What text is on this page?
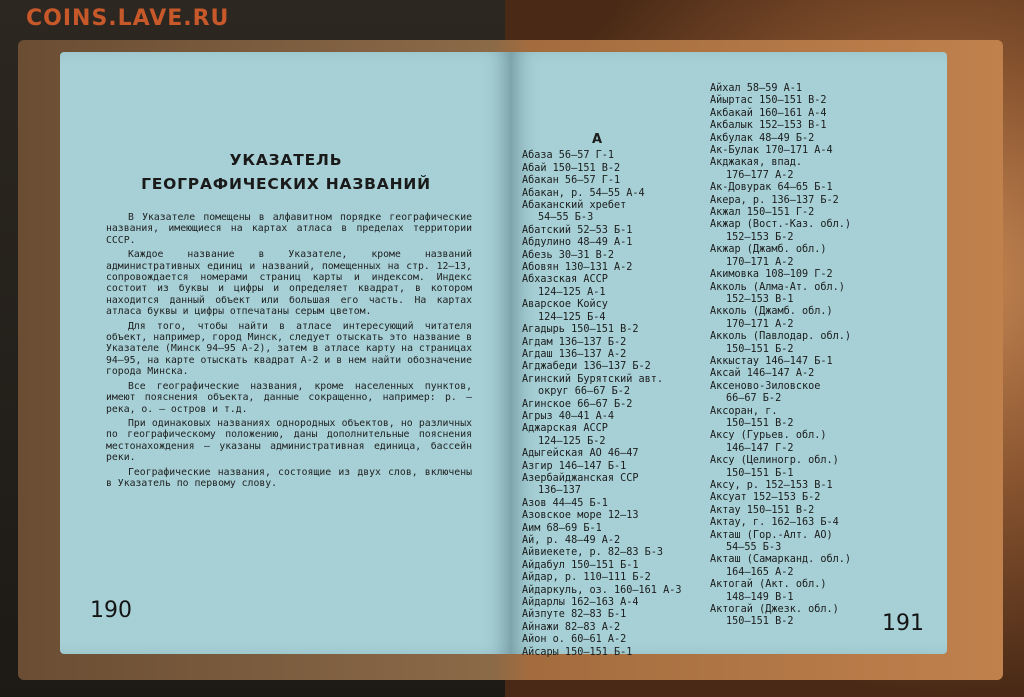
COINS.LAVE.RU
УКАЗАТЕЛЬ
ГЕОГРАФИЧЕСКИХ НАЗВАНИЙ

В Указателе помещены в алфавитном порядке географические названия, имеющиеся на картах атласа в пределах территории СССР.

Каждое название в Указателе, кроме названий административных единиц и названий, помещенных на стр. 12—13, сопровождается номерами страниц карты и индексом. Индекс состоит из буквы и цифры и определяет квадрат, в котором находится данный объект или большая его часть. На картах атласа буквы и цифры отпечатаны серым цветом.

Для того, чтобы найти в атласе интересующий читателя объект, например, город Минск, следует отыскать это название в Указателе (Минск 94—95 А-2), затем в атласе карту на страницах 94—95, на карте отыскать квадрат А-2 и в нем найти обозначение города Минска.

Все географические названия, кроме населенных пунктов, имеют пояснения объекта, данные сокращенно, например: р. — река, о. — остров и т.д.

При одинаковых названиях однородных объектов, но различных по географическому положению, даны дополнительные пояснения местонахождения — указаны административная единица, бассейн реки.

Географические названия, состоящие из двух слов, включены в Указатель по первому слову.

190
А
Абаза 56—57 Г-1
Абай 150—151 В-2
Абакан 56—57 Г-1
Абакан, р. 54—55 А-4
Абаканский хребет
54—55 Б-3
Абатский 52—53 Б-1
Абдулино 48—49 А-1
Абезь 30—31 В-2
Абовян 130—131 А-2
Абхазская АССР
124—125 А-1
Аварское Койсу
124—125 Б-4
Агадырь 150—151 В-2
Агдам 136—137 Б-2
Агдаш 136—137 А-2
Агджабеди 136—137 Б-2
Агинский Бурятский авт.
округ 66—67 Б-2
Агинское 66—67 Б-2
Агрыз 40—41 А-4
Аджарская АССР
124—125 Б-2
Адыгейская АО 46—47
Азгир 146—147 Б-1
Азербайджанская ССР
136—137
Азов 44—45 Б-1
Азовское море 12—13
Аим 68—69 Б-1
Ай, р. 48—49 А-2
Айвиекете, р. 82—83 Б-3
Айдабул 150—151 Б-1
Айдар, р. 110—111 Б-2
Айдаркуль, оз. 160—161 А-3
Айдарлы 162—163 А-4
Айзпуте 82—83 Б-1
Айнажи 82—83 А-2
Айон о. 60—61 А-2
Айсары 150—151 Б-1
Айхал 58—59 А-1
Айыртас 150—151 В-2
Акбакай 160—161 А-4
Акбалык 152—153 В-1
Акбулак 48—49 Б-2
Ак-Булак 170—171 А-4
Акджакая, впад.
176—177 А-2
Ак-Довурак 64—65 Б-1
Акера, р. 136—137 Б-2
Акжал 150—151 Г-2
Акжар (Вост.-Каз. обл.)
152—153 Б-2
Акжар (Джамб. обл.)
170—171 А-2
Акимовка 108—109 Г-2
Акколь (Алма-Ат. обл.)
152—153 В-1
Акколь (Джамб. обл.)
170—171 А-2
Акколь (Павлодар. обл.)
150—151 Б-2
Аккыстау 146—147 Б-1
Аксай 146—147 А-2
Аксеново-Зиловское
66—67 Б-2
Аксоран, г.
150—151 В-2
Аксу (Гурьев. обл.)
146—147 Г-2
Аксу (Целиногр. обл.)
150—151 Б-1
Аксу, р. 152—153 В-1
Аксуат 152—153 Б-2
Актау 150—151 В-2
Актау, г. 162—163 Б-4
Акташ (Гор.-Алт. АО)
54—55 Б-3
Акташ (Самарканд. обл.)
164—165 А-2
Актогай (Акт. обл.)
148—149 В-1
Актогай (Джезк. обл.)
150—151 В-2	191
